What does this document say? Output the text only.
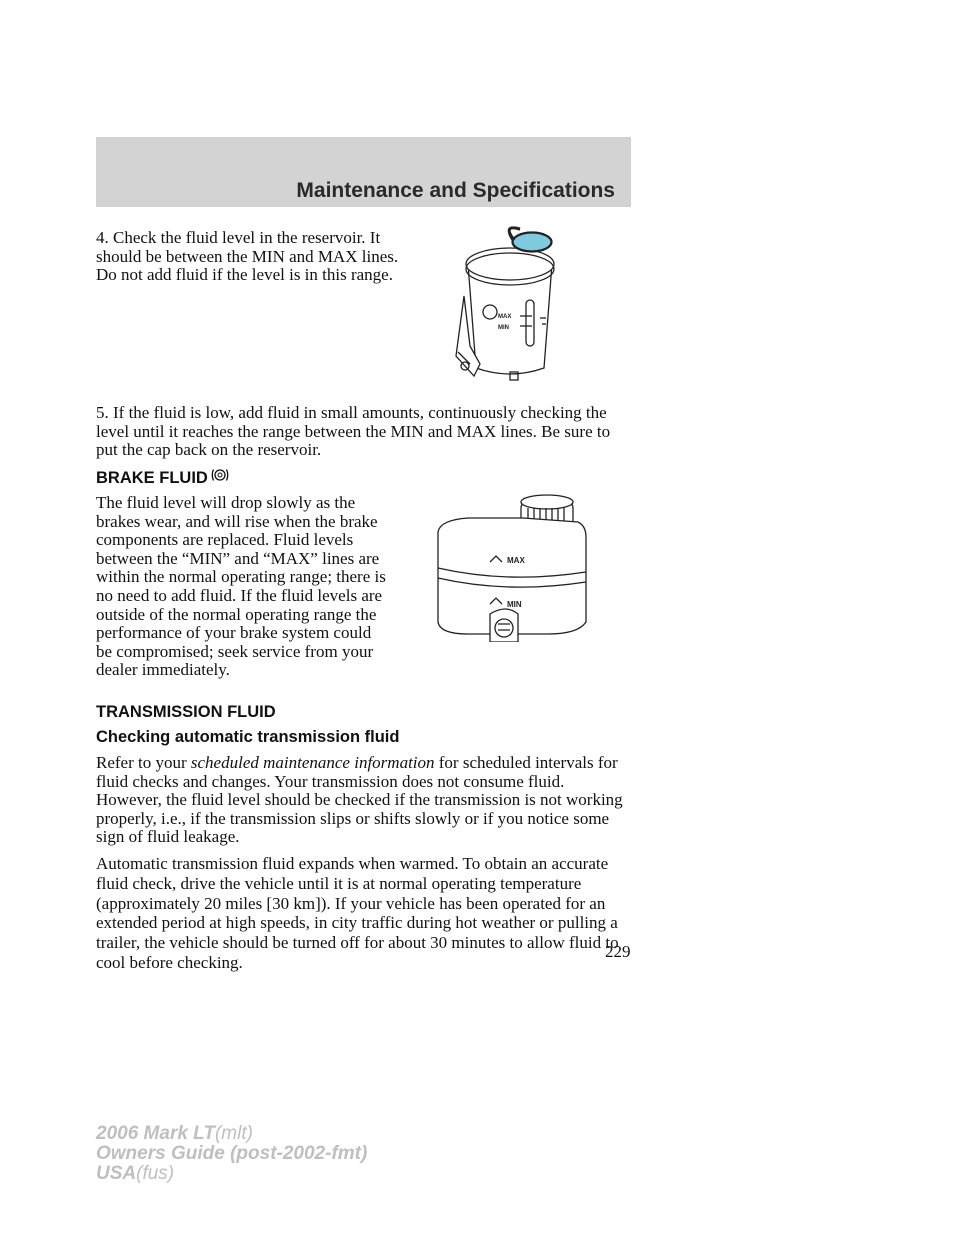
Maintenance and Specifications
4. Check the fluid level in the reservoir. It should be between the MIN and MAX lines. Do not add fluid if the level is in this range.
MAX
MIN
5. If the fluid is low, add fluid in small amounts, continuously checking the level until it reaches the range between the MIN and MAX lines. Be sure to put the cap back on the reservoir.
BRAKE FLUID
The fluid level will drop slowly as the brakes wear, and will rise when the brake components are replaced. Fluid levels between the “MIN” and “MAX” lines are within the normal operating range; there is no need to add fluid. If the fluid levels are outside of the normal operating range the performance of your brake system could be compromised; seek service from your dealer immediately.
MAX
MIN
TRANSMISSION FLUID
Checking automatic transmission fluid

Refer to your scheduled maintenance information for scheduled intervals for fluid checks and changes. Your transmission does not consume fluid. However, the fluid level should be checked if the transmission is not working properly, i.e., if the transmission slips or shifts slowly or if you notice some sign of fluid leakage.

Automatic transmission fluid expands when warmed. To obtain an accurate fluid check, drive the vehicle until it is at normal operating temperature (approximately 20 miles [30 km]). If your vehicle has been operated for an extended period at high speeds, in city traffic during hot weather or pulling a trailer, the vehicle should be turned off for about 30 minutes to allow fluid to cool before checking.

229
2006 Mark LT(mlt)
Owners Guide (post-2002-fmt)
USA(fus)
